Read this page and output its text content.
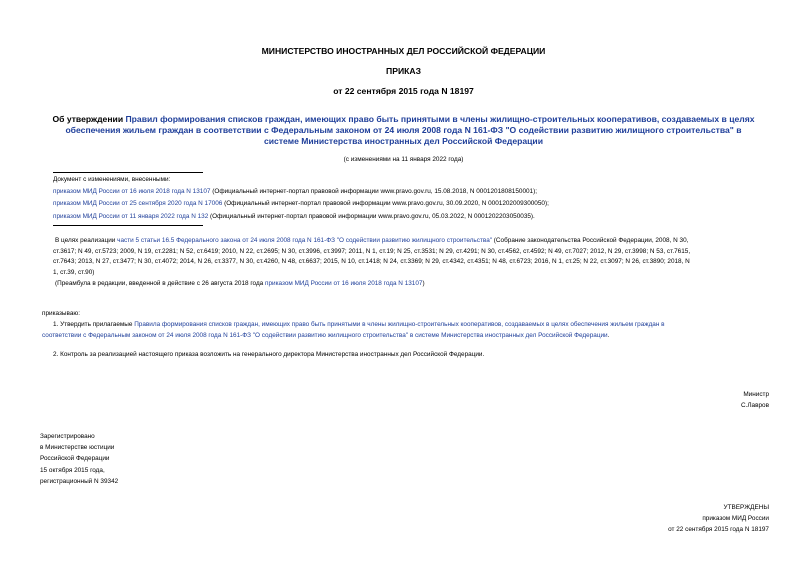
МИНИСТЕРСТВО ИНОСТРАННЫХ ДЕЛ РОССИЙСКОЙ ФЕДЕРАЦИИ
ПРИКАЗ
от 22 сентября 2015 года N 18197
Об утверждении Правил формирования списков граждан, имеющих право быть принятыми в члены жилищно-строительных кооперативов, создаваемых в целях
обеспечения жильем граждан в соответствии с Федеральным законом от 24 июля 2008 года N 161-ФЗ "О содействии развитию жилищного строительства" в
системе Министерства иностранных дел Российской Федерации
(с изменениями на 11 января 2022 года)
Документ с изменениями, внесенными:
приказом МИД России от 16 июля 2018 года N 13107 (Официальный интернет-портал правовой информации www.pravo.gov.ru, 15.08.2018, N 0001201808150001);
приказом МИД России от 25 сентября 2020 года N 17006 (Официальный интернет-портал правовой информации www.pravo.gov.ru, 30.09.2020, N 0001202009300050);
приказом МИД России от 11 января 2022 года N 132 (Официальный интернет-портал правовой информации www.pravo.gov.ru, 05.03.2022, N 0001202203050035).
В целях реализации части 5 статьи 16.5 Федерального закона от 24 июля 2008 года N 161-ФЗ "О содействии развитию жилищного строительства" (Собрание законодательства Российской Федерации, 2008, N 30,
ст.3617; N 49, ст.5723; 2009, N 19, ст.2281; N 52, ст.6419; 2010, N 22, ст.2695; N 30, ст.3996, ст.3997; 2011, N 1, ст.19; N 25, ст.3531; N 29, ст.4291; N 30, ст.4562, ст.4592; N 49, ст.7027; 2012, N 29, ст.3998; N 53, ст.7615,
ст.7643; 2013, N 27, ст.3477; N 30, ст.4072; 2014, N 26, ст.3377, N 30, ст.4260, N 48, ст.6637; 2015, N 10, ст.1418; N 24, ст.3369; N 29, ст.4342, ст.4351; N 48, ст.6723; 2016, N 1, ст.25; N 22, ст.3097; N 26, ст.3890; 2018, N
1, ст.39, ст.90)
(Преамбула в редакции, введенной в действие с 26 августа 2018 года приказом МИД России от 16 июля 2018 года N 13107)
приказываю:
1. Утвердить прилагаемые Правила формирования списков граждан, имеющих право быть принятыми в члены жилищно-строительных кооперативов, создаваемых в целях обеспечения жильем граждан в
соответствии с Федеральным законом от 24 июля 2008 года N 161-ФЗ "О содействии развитию жилищного строительства" в системе Министерства иностранных дел Российской Федерации.
2. Контроль за реализацией настоящего приказа возложить на генерального директора Министерства иностранных дел Российской Федерации.
Министр
С.Лавров
Зарегистрировано
в Министерстве юстиции
Российской Федерации
15 октября 2015 года,
регистрационный N 39342
УТВЕРЖДЕНЫ
приказом МИД России
от 22 сентября 2015 года N 18197
